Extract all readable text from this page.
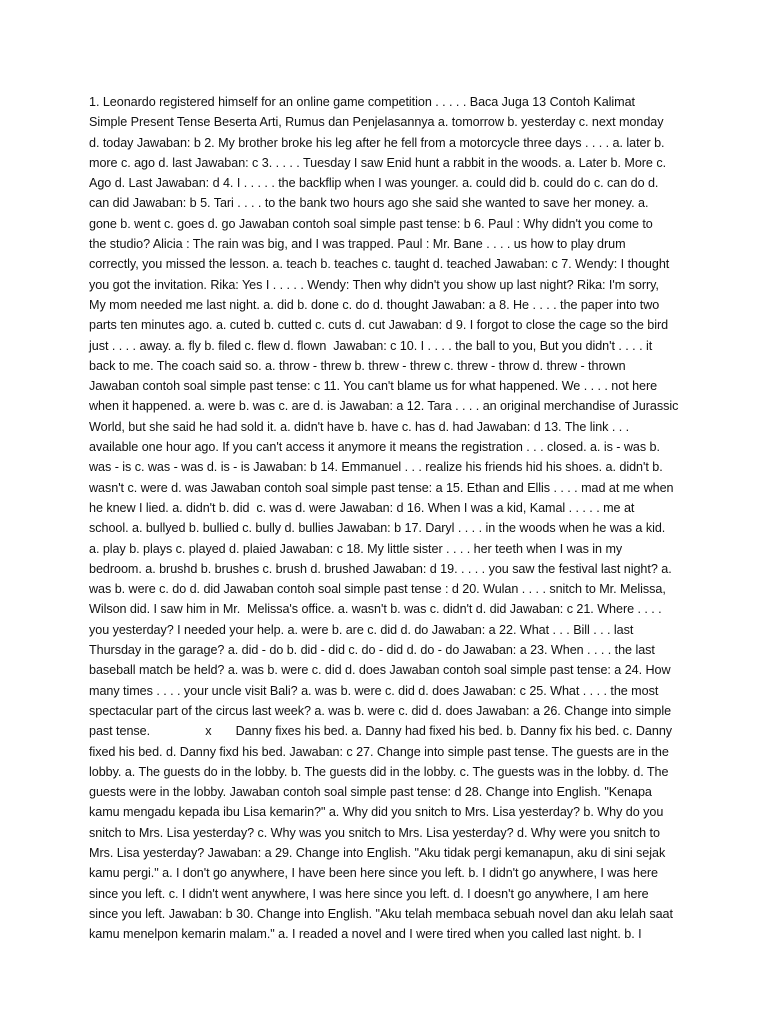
1. Leonardo registered himself for an online game competition . . . . . Baca Juga 13 Contoh Kalimat
Simple Present Tense Beserta Arti, Rumus dan Penjelasannya a. tomorrow b. yesterday c. next monday
d. today Jawaban: b 2. My brother broke his leg after he fell from a motorcycle three days . . . . a. later b.
more c. ago d. last Jawaban: c 3. . . . . Tuesday I saw Enid hunt a rabbit in the woods. a. Later b. More c.
Ago d. Last Jawaban: d 4. I . . . . . the backflip when I was younger. a. could did b. could do c. can do d.
can did Jawaban: b 5. Tari . . . . to the bank two hours ago she said she wanted to save her money. a.
gone b. went c. goes d. go Jawaban contoh soal simple past tense: b 6. Paul : Why didn't you come to
the studio? Alicia : The rain was big, and I was trapped. Paul : Mr. Bane . . . . us how to play drum
correctly, you missed the lesson. a. teach b. teaches c. taught d. teached Jawaban: c 7. Wendy: I thought
you got the invitation. Rika: Yes I . . . . . Wendy: Then why didn't you show up last night? Rika: I'm sorry,
My mom needed me last night. a. did b. done c. do d. thought Jawaban: a 8. He . . . . the paper into two
parts ten minutes ago. a. cuted b. cutted c. cuts d. cut Jawaban: d 9. I forgot to close the cage so the bird
just . . . . away. a. fly b. filed c. flew d. flown  Jawaban: c 10. I . . . . the ball to you, But you didn't . . . . it
back to me. The coach said so. a. throw - threw b. threw - threw c. threw - throw d. threw - thrown
Jawaban contoh soal simple past tense: c 11. You can't blame us for what happened. We . . . . not here
when it happened. a. were b. was c. are d. is Jawaban: a 12. Tara . . . . an original merchandise of Jurassic
World, but she said he had sold it. a. didn't have b. have c. has d. had Jawaban: d 13. The link . . .
available one hour ago. If you can't access it anymore it means the registration . . . closed. a. is - was b.
was - is c. was - was d. is - is Jawaban: b 14. Emmanuel . . . realize his friends hid his shoes. a. didn't b.
wasn't c. were d. was Jawaban contoh soal simple past tense: a 15. Ethan and Ellis . . . . mad at me when
he knew I lied. a. didn't b. did  c. was d. were Jawaban: d 16. When I was a kid, Kamal . . . . . me at
school. a. bullyed b. bullied c. bully d. bullies Jawaban: b 17. Daryl . . . . in the woods when he was a kid.
a. play b. plays c. played d. plaied Jawaban: c 18. My little sister . . . . her teeth when I was in my
bedroom. a. brushd b. brushes c. brush d. brushed Jawaban: d 19. . . . . you saw the festival last night? a.
was b. were c. do d. did Jawaban contoh soal simple past tense : d 20. Wulan . . . . snitch to Mr. Melissa,
Wilson did. I saw him in Mr.  Melissa's office. a. wasn't b. was c. didn't d. did Jawaban: c 21. Where . . . .
you yesterday? I needed your help. a. were b. are c. did d. do Jawaban: a 22. What . . . Bill . . . last
Thursday in the garage? a. did - do b. did - did c. do - did d. do - do Jawaban: a 23. When . . . . the last
baseball match be held? a. was b. were c. did d. does Jawaban contoh soal simple past tense: a 24. How
many times . . . . your uncle visit Bali? a. was b. were c. did d. does Jawaban: c 25. What . . . . the most
spectacular part of the circus last week? a. was b. were c. did d. does Jawaban: a 26. Change into simple
past tense.                x       Danny fixes his bed. a. Danny had fixed his bed. b. Danny fix his bed. c. Danny
fixed his bed. d. Danny fixd his bed. Jawaban: c 27. Change into simple past tense. The guests are in the
lobby. a. The guests do in the lobby. b. The guests did in the lobby. c. The guests was in the lobby. d. The
guests were in the lobby. Jawaban contoh soal simple past tense: d 28. Change into English. "Kenapa
kamu mengadu kepada ibu Lisa kemarin?" a. Why did you snitch to Mrs. Lisa yesterday? b. Why do you
snitch to Mrs. Lisa yesterday? c. Why was you snitch to Mrs. Lisa yesterday? d. Why were you snitch to
Mrs. Lisa yesterday? Jawaban: a 29. Change into English. "Aku tidak pergi kemanapun, aku di sini sejak
kamu pergi." a. I don't go anywhere, I have been here since you left. b. I didn't go anywhere, I was here
since you left. c. I didn't went anywhere, I was here since you left. d. I doesn't go anywhere, I am here
since you left. Jawaban: b 30. Change into English. "Aku telah membaca sebuah novel dan aku lelah saat
kamu menelpon kemarin malam." a. I readed a novel and I were tired when you called last night. b. I
